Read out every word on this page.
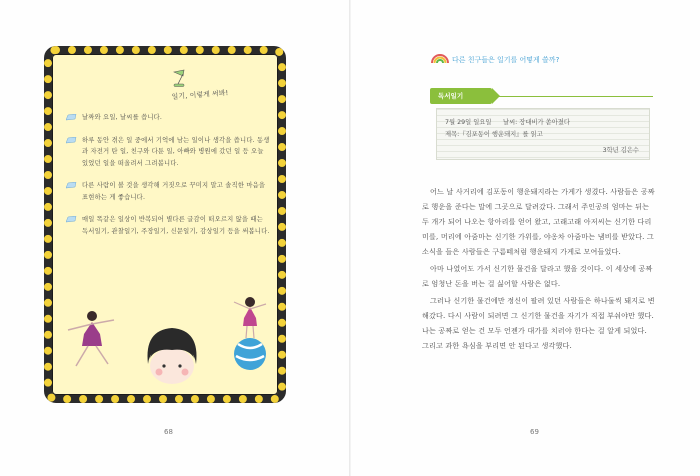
일기, 이렇게 써봐!
날짜와 요일, 날씨를 씁니다.
하루 동안 겪은 일 중에서 기억에 남는 일이나 생각을 씁니다. 동생과 자전거 탄 일, 친구와 다툰 일, 아빠와 병원에 갔던 일 등 오늘 있었던 일을 떠올려서 그려봅니다.
다른 사람이 볼 것을 생각해 거짓으로 꾸미지 말고 솔직한 마음을 표현하는 게 좋습니다.
매일 똑같은 일상이 반복되어 별다른 글감이 떠오르지 않을 때는 독서일기, 관찰일기, 주장일기, 신문일기, 감상일기 등을 써봅니다.
68
다른 친구들은 일기를 어떻게 쓸까?
독서일기
7월 29일 일요일 날씨: 장대비가 쏟아졌다
제목:『김포동이 행운돼지』를 읽고
3학년 김은수

어느 날 사거리에 김포동이 행운돼지라는 가게가 생겼다. 사람들은 공짜로 행운을 준다는 말에 그곳으로 달려갔다. 그래서 주인공의 엄마는 뒤는 두 개가 되어 나오는 항아리를 얻어 왔고, 고래고래 아저씨는 신기한 다리미를, 머리에 아줌마는 신기한 가위를, 야옹차 아줌마는 냄비를 받았다. 그 소식을 들은 사람들은 구름떼처럼 행운돼지 가게로 모여들었다.

아마 나였어도 가서 신기한 물건을 달라고 했을 것이다. 이 세상에 공짜로 엄청난 돈을 버는 걸 싫어할 사람은 없다.

그러나 신기한 물건에만 정신이 팔려 있던 사람들은 하나둘씩 돼지로 변해갔다. 다시 사람이 되려면 그 신기한 물건을 자기가 직접 부숴야만 했다. 나는 공짜로 얻는 건 모두 언젠가 대가를 치러야 한다는 걸 알게 되었다. 그리고 과한 욕심을 부리면 안 된다고 생각했다.

69
